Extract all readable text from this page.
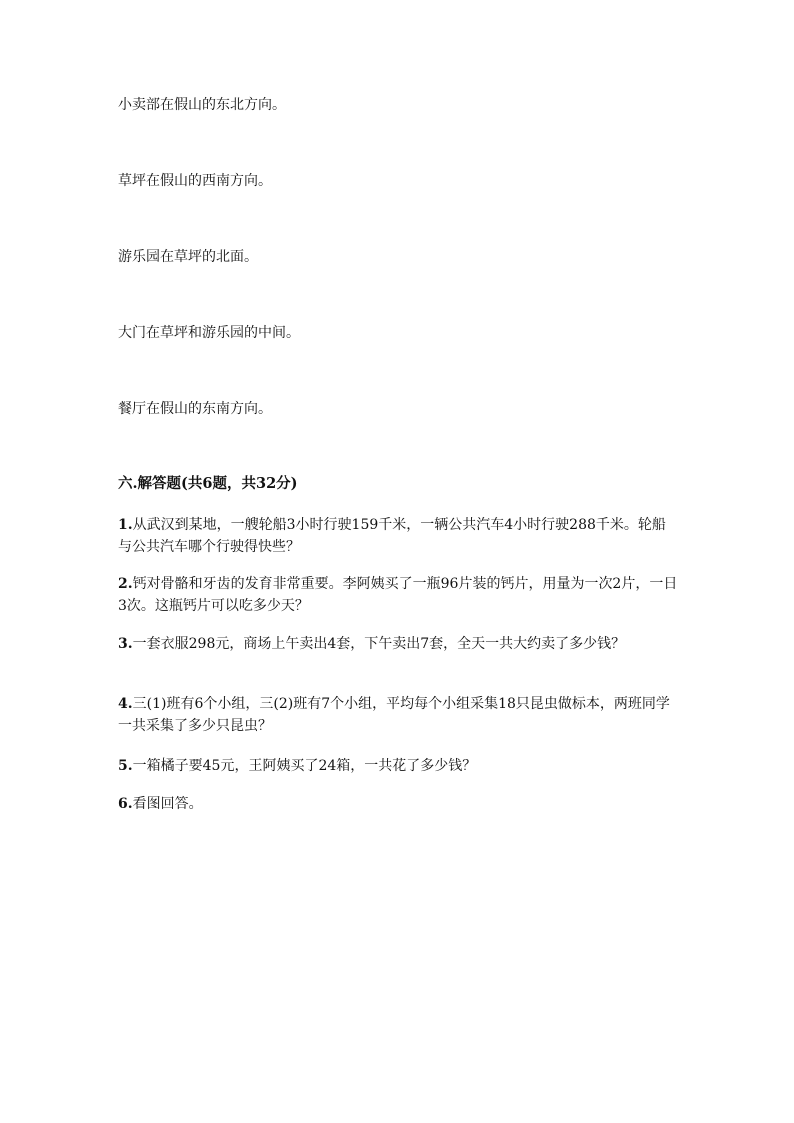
小卖部在假山的东北方向。

草坪在假山的西南方向。

游乐园在草坪的北面。

大门在草坪和游乐园的中间。

餐厅在假山的东南方向。

六.解答题(共6题，共32分)
1.从武汉到某地，一艘轮船3小时行驶159千米，一辆公共汽车4小时行驶288千米。轮船与公共汽车哪个行驶得快些？
2.钙对骨骼和牙齿的发育非常重要。李阿姨买了一瓶96片装的钙片，用量为一次2片，一日3次。这瓶钙片可以吃多少天？
3.一套衣服298元，商场上午卖出4套，下午卖出7套，全天一共大约卖了多少钱？
4.三(1)班有6个小组，三(2)班有7个小组，平均每个小组采集18只昆虫做标本，两班同学一共采集了多少只昆虫？
5.一箱橘子要45元，王阿姨买了24箱，一共花了多少钱？
6.看图回答。
